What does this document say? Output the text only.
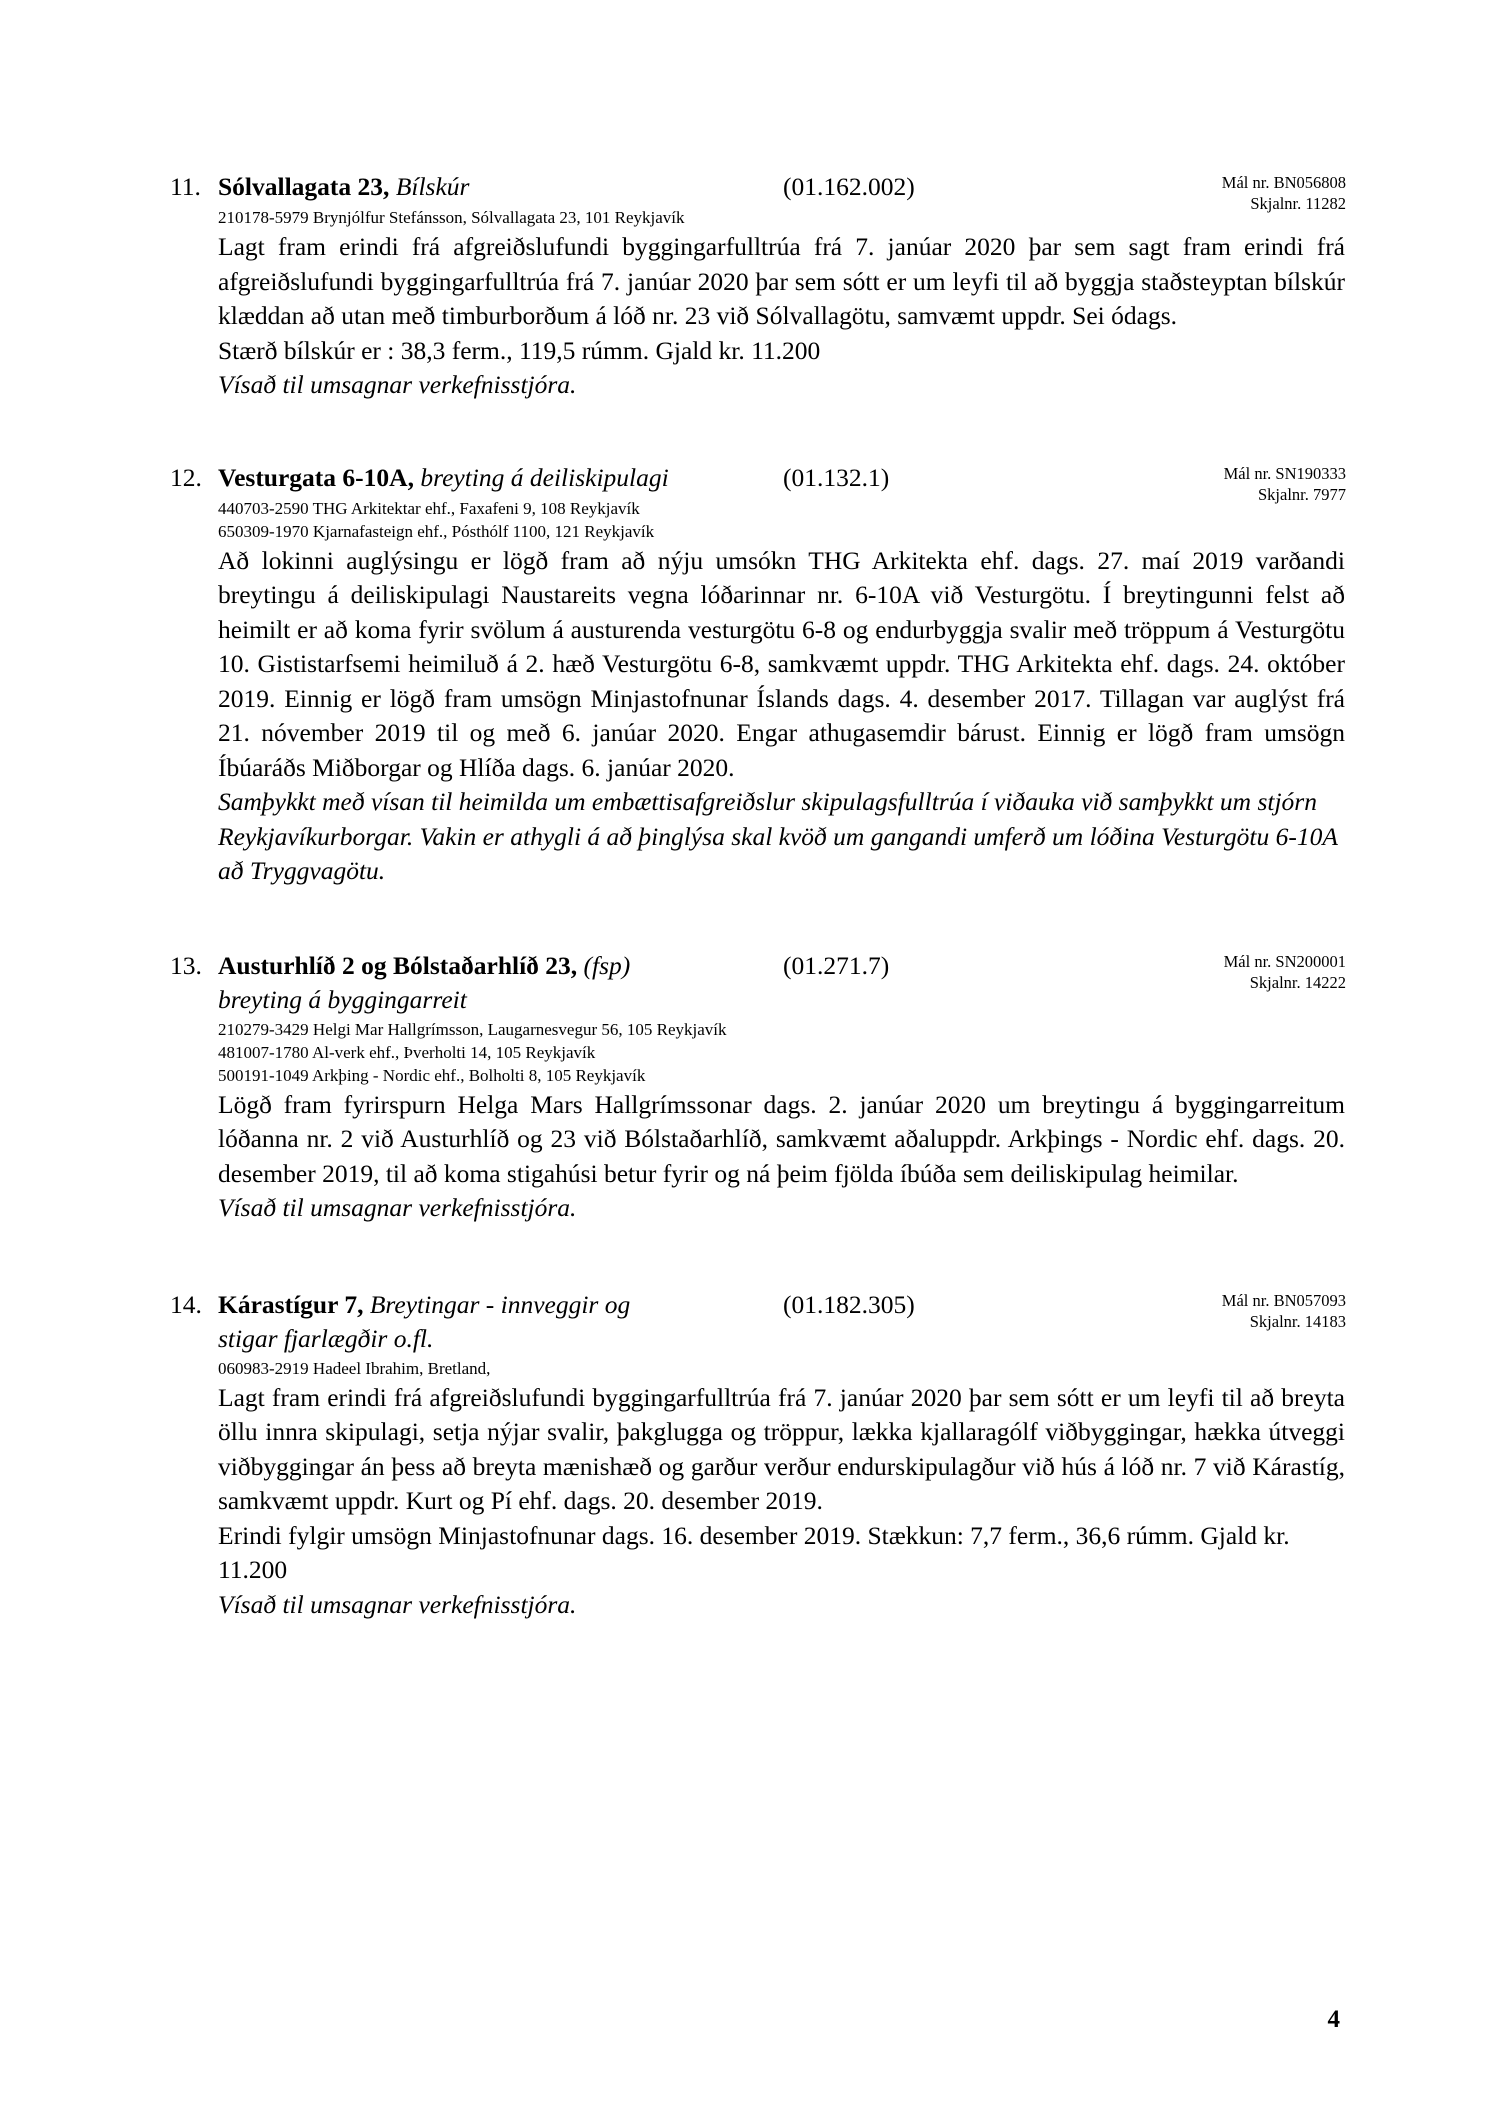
11. Sólvallagata 23, Bílskúr	(01.162.002)	Mál nr. BN056808
Skjalnr. 11282
210178-5979 Brynjólfur Stefánsson, Sólvallagata 23, 101 Reykjavík

Lagt fram erindi frá afgreiðslufundi byggingarfulltrúa frá 7. janúar 2020 þar sem sagt fram erindi frá afgreiðslufundi byggingarfulltrúa frá 7. janúar 2020 þar sem sótt er um leyfi til að byggja staðsteyptan bílskúr klæddan að utan með timburborðum á lóð nr. 23 við Sólvallagötu, samvæmt uppdr. Sei ódags.

Stærð bílskúr er : 38,3 ferm., 119,5 rúmm. Gjald kr. 11.200

Vísað til umsagnar verkefnisstjóra.

12. Vesturgata 6-10A, breyting á deiliskipulagi	(01.132.1)	Mál nr. SN190333
Skjalnr. 7977
440703-2590 THG Arkitektar ehf., Faxafeni 9, 108 Reykjavík
650309-1970 Kjarnafasteign ehf., Pósthólf 1100, 121 Reykjavík

Að lokinni auglýsingu er lögð fram að nýju umsókn THG Arkitekta ehf. dags. 27. maí 2019 varðandi breytingu á deiliskipulagi Naustareits vegna lóðarinnar nr. 6-10A við Vesturgötu. Í breytingunni felst að heimilt er að koma fyrir svölum á austurenda vesturgötu 6-8 og endurbyggja svalir með tröppum á Vesturgötu 10. Gististarfsemi heimiluð á 2. hæð Vesturgötu 6-8, samkvæmt uppdr. THG Arkitekta ehf. dags. 24. október 2019. Einnig er lögð fram umsögn Minjastofnunar Íslands dags. 4. desember 2017. Tillagan var auglýst frá 21. nóvember 2019 til og með 6. janúar 2020. Engar athugasemdir bárust. Einnig er lögð fram umsögn Íbúaráðs Miðborgar og Hlíða dags. 6. janúar 2020.

Samþykkt með vísan til heimilda um embættisafgreiðslur skipulagsfulltrúa í viðauka við samþykkt um stjórn Reykjavíkurborgar. Vakin er athygli á að þinglýsa skal kvöð um gangandi umferð um lóðina Vesturgötu 6-10A að Tryggvagötu.

13. Austurhlíð 2 og Bólstaðarhlíð 23, (fsp)	(01.271.7)	Mál nr. SN200001
Skjalnr. 14222
breyting á byggingarreit
210279-3429 Helgi Mar Hallgrímsson, Laugarnesvegur 56, 105 Reykjavík
481007-1780 Al-verk ehf., Þverholti 14, 105 Reykjavík
500191-1049 Arkþing - Nordic ehf., Bolholti 8, 105 Reykjavík

Lögð fram fyrirspurn Helga Mars Hallgrímssonar dags. 2. janúar 2020 um breytingu á byggingarreitum lóðanna nr. 2 við Austurhlíð og 23 við Bólstaðarhlíð, samkvæmt aðaluppdr. Arkþings - Nordic ehf. dags. 20. desember 2019, til að koma stigahúsi betur fyrir og ná þeim fjölda íbúða sem deiliskipulag heimilar.

Vísað til umsagnar verkefnisstjóra.

14. Kárastígur 7, Breytingar - innveggir og	(01.182.305)	Mál nr. BN057093
Skjalnr. 14183
stigar fjarlægðir o.fl.
060983-2919 Hadeel Ibrahim, Bretland,

Lagt fram erindi frá afgreiðslufundi byggingarfulltrúa frá 7. janúar 2020 þar sem sótt er um leyfi til að breyta öllu innra skipulagi, setja nýjar svalir, þakglugga og tröppur, lækka kjallaragólf viðbyggingar, hækka útveggi viðbyggingar án þess að breyta mænishæð og garður verður endurskipulagður við hús á lóð nr. 7 við Kárastíg, samkvæmt uppdr. Kurt og Pí ehf. dags. 20. desember 2019.

Erindi fylgir umsögn Minjastofnunar dags. 16. desember 2019. Stækkun: 7,7 ferm., 36,6 rúmm. Gjald kr. 11.200

Vísað til umsagnar verkefnisstjóra.

4
